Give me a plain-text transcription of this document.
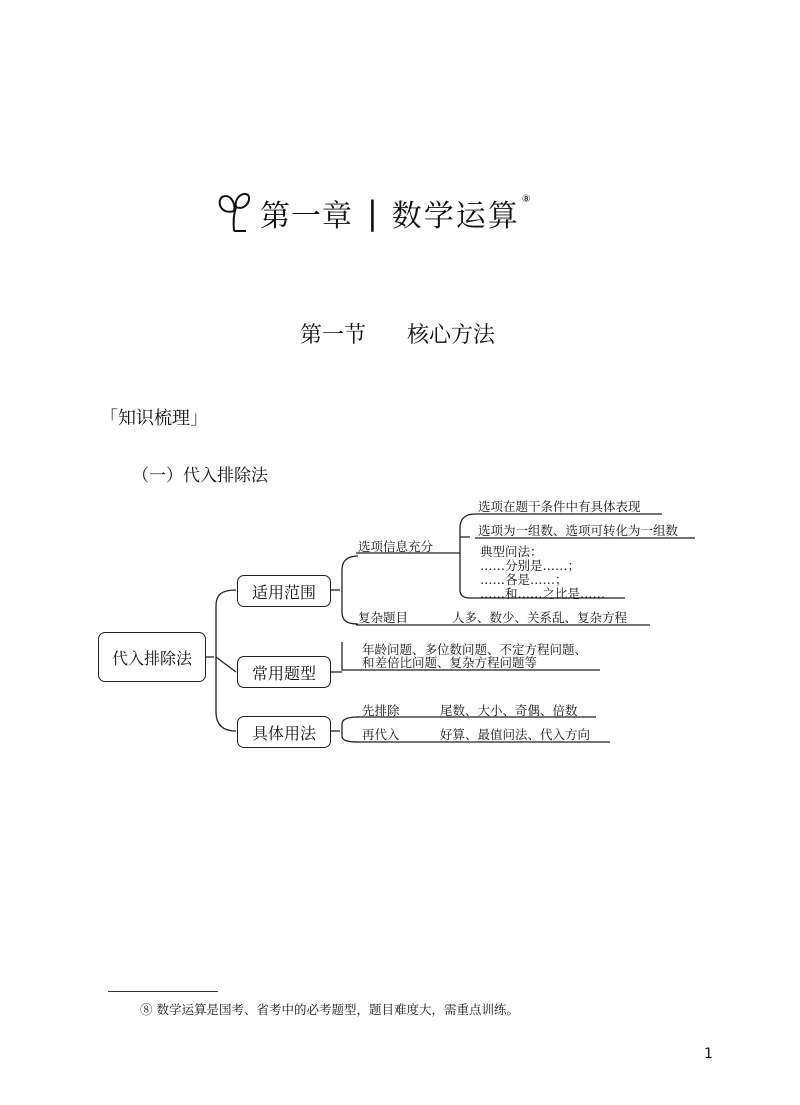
第一章 | 数学运算 ⑧
第一节 核心方法
「知识梳理」
（一）代入排除法
代入排除法
适用范围
常用题型
具体用法
选项信息充分
选项在题干条件中有具体表现
选项为一组数、选项可转化为一组数
典型问法：
……分别是……；
……各是……；
……和……之比是……
复杂题目	人多、数少、关系乱、复杂方程
年龄问题、多位数问题、不定方程问题、
和差倍比问题、复杂方程问题等
先排除	尾数、大小、奇偶、倍数
再代入	好算、最值问法、代入方向
⑧ 数学运算是国考、省考中的必考题型，题目难度大，需重点训练。
1
